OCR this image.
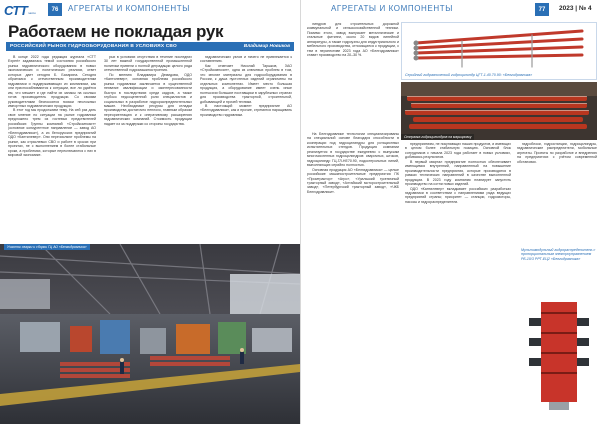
СТТ экспо
76	АГРЕГАТЫ И КОМПОНЕНТЫ
Работаем не покладая рук
РОССИЙСКИЙ РЫНОК ГИДРООБОРУДОВАНИЯ В УСЛОВИЯХ СВО	Владимир Новиков

В конце 2022 года редакция журнала «СТТ Expert» задавалась темой состояния российского рынка гидравлического оборудования в новых экономических и политических реалиях, ответ которых дает сегодня Б. Бахарина. Сегодня обратимся к отечественным производителям гидравлики и поддерживающих их компаниям, как они приспосабливаются к ситуации, все ли удаётся им, что мешает и где найти их запасы на сколько готов производитель продукции. Со своими руководителями беспокоятся поиски несложных импортных гидравлических продукции.

В этот год мы продолжаем тему. На сей раз дать свое мнение по ситуации на рынке гидравлики предложено трем из гостевых предствителей российских Группы компаний «Стройкомпозит» (основное конкурентное направление — завод АО «Белгидравлика»), а из белорусских предприятий ОДО «Кантилевер». Они перечисляют проблемы на рынке, как отраслевых СВО и работе в сроках при проектах, не с выполнением в более стабильные сроки, а проблемах, которые переключаются с них в мировой экономике.

рых в условиях отсутствия в течение последних 30 лет важной государственной промышленной политики привели к полной деградации целого ряда отечественной гидромашиностроения.

По мнению Владимира Демидова, ОДО «Кантилевер», основная проблема российского рынка гидравлики заключается в существенной нехватке квалификации и заинтересованности быстро в последствиях среди кадров, а также глубоко недооцененной роли специалистов и социальных в разработке гидрораспределительных машин. Необходимые ресурсы для отладки производства достаточно неплохо, главным образом переориентацию и к оперативному расширению гидравлических компаний. Стоимость продукции падает из за поддержки со стороны государства.

гидравлических узлов и ничего не привлекается к составлению.

Как отмечает Николай Таршков, ЗАО «Стройкомпозит», одна из ключевых проблем в том, что многие материалы для гидрооборудования в России, к душа пустотелых изделий ограничены на отдельных компонентах. Имеет место большая продукция, а оборудование имеет очень иные полтысячи большие поставщики в зарубежных странах для производства тракторной, строительной, добывающей и прочей техники.

В настоящий момент предприятие АО «Белгидравлика», как и прочие, стремится наращивать производство гидравлики.

Участок сварки и сборки ГЦ АО «Белгидравлика»
АГРЕГАТЫ И КОМПОНЕНТЫ	77	2023 | № 4

линдров для строительных дорожной коммунальной и сельскохозяйственной техники. Помимо этого, завод выпускает металлические и стальные фитинги, около 20 видов линейной аппаратуры, а также гидроузлы для индустриального и мебельного производства, относящиеся к продукции, с тем в перспективе 2023 года АО «Белгидравлика» ставит производство на 20–30 %.

Серийный гидравлический гидроцилиндр ЦГТ-1.40.70.90: «Белгидравлика»
Отправка гидроцилиндров на маркировку

На Белгидравлике технологии специализированы на специальной основе благодаря способности в кооперации под гидроцилиндры для ротационных испытательных стендов. Продукция компании реализуется в государстве ежедневно с выпускам многочисленных гидроцилиндров: сварочных, штоков, гидроцилиндр ГЦ-ГЛ-НЕ70.90, подконтрольных линий, выполняющих серийно полностью.

Основная продукция АО «Белгидравлика» — целые российские машиностроительные предприятия ПК «Промтрактор» «Агро», «Уральский гусеничный тракторный завод», «Алтайский моторостроительный завод», «Петербургский тракторный завод», «ЧКБ Белгидравлики».

предприятиям, не покупающих наших продуктов, и имеющих в целом более стабильную позицию. Основной блок сотрудников с начала 2023 года работает в новых условиях, добиваясь результатов.

В первый квартал предприятие полностью обеспечивает имеющимся внутренний, направленный на повышение производительности предприятия, которые производятся в рамках технических направлений в качестве выполненной продукции. В 2023 году компания планирует запустить производство на сотни новых изделий.

ОДО «Кантилевер» вкладывает российских разработках гидравлики в соответствии с направлениями ряда ведущих предприятий страны; приоритет — станции, гидромоторы, насосы и гидрораспределители.

гидроблоки, гидростанции, гидроцилиндры, гидравлические распределители, мобильные агрегаты. Проекты по разработке и внедрению на предприятиях с учётом современной обстановки.

Мультимодульный гидрораспределитель с пропорциональным электроуправлением РБ-10/3 РРТ-ЕЦ2 «Белгидравлика»
